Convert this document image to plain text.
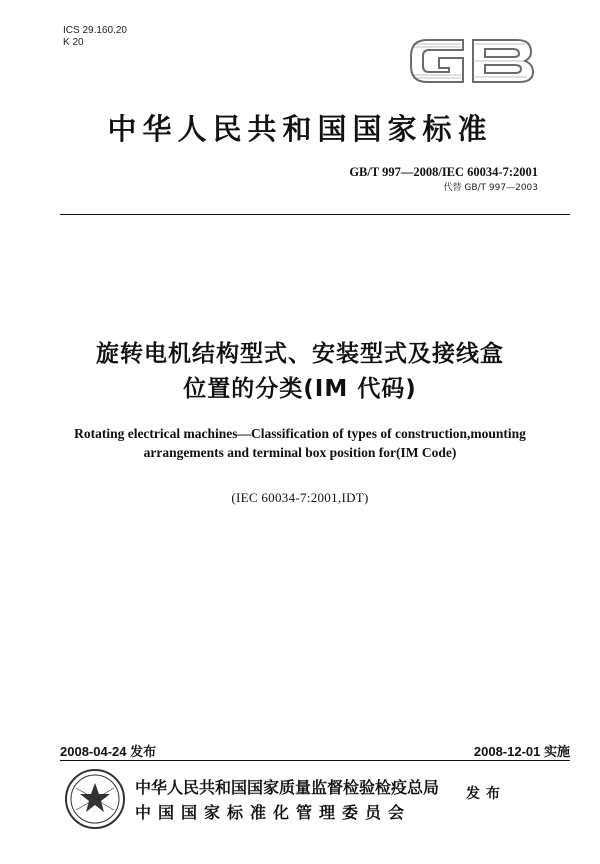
ICS 29.160.20
K 20
中华人民共和国国家标准
GB/T 997—2008/IEC 60034-7:2001
代替 GB/T 997—2003
旋转电机结构型式、安装型式及接线盒
位置的分类(IM 代码)
Rotating electrical machines—Classification of types of construction,mounting
arrangements and terminal box position for(IM Code)
(IEC 60034-7:2001,IDT)
2008-04-24 发布	2008-12-01 实施
中华人民共和国国家质量监督检验检疫总局
中国国家标准化管理委员会
发布
